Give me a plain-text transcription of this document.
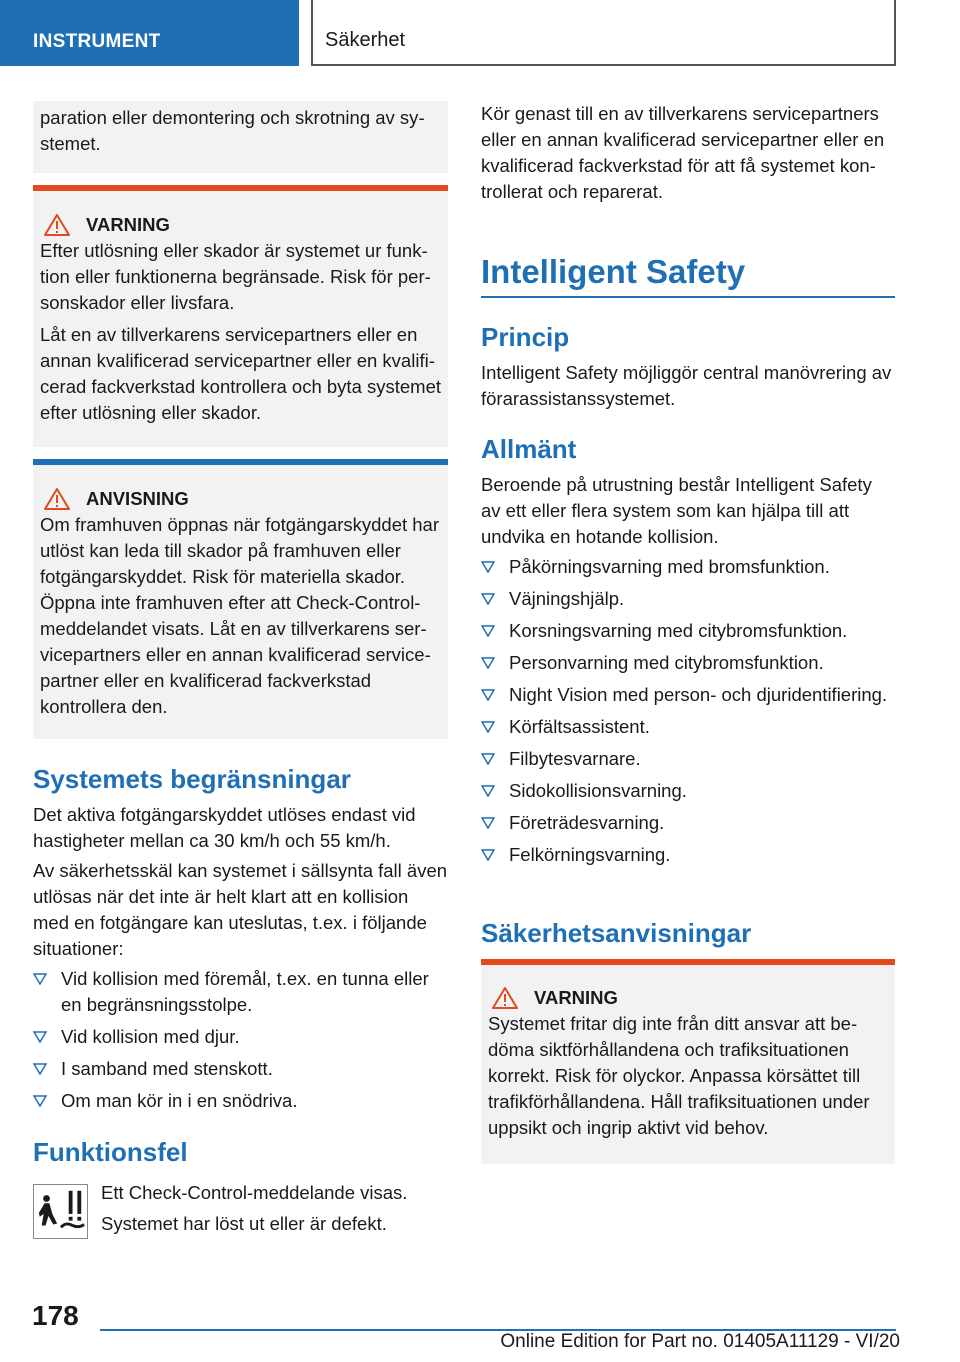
INSTRUMENT	Säkerhet

paration eller demontering och skrotning av systemet.

VARNING

Efter utlösning eller skador är systemet ur funktion eller funktionerna begränsade. Risk för personskador eller livsfara.

Låt en av tillverkarens servicepartners eller en annan kvalificerad servicepartner eller en kvalificerad fackverkstad kontrollera och byta systemet efter utlösning eller skador.

ANVISNING

Om framhuven öppnas när fotgängarskyddet har utlöst kan leda till skador på framhuven eller fotgängarskyddet. Risk för materiella skador. Öppna inte framhuven efter att Check-Control-meddelandet visats. Låt en av tillverkarens servicepartners eller en annan kvalificerad servicepartner eller en kvalificerad fackverkstad kontrollera den.

Systemets begränsningar

Det aktiva fotgängarskyddet utlöses endast vid hastigheter mellan ca 30 km/h och 55 km/h.

Av säkerhetsskäl kan systemet i sällsynta fall även utlösas när det inte är helt klart att en kollision med en fotgängare kan uteslutas, t.ex. i följande situationer:

Vid kollision med föremål, t.ex. en tunna eller en begränsningsstolpe.
Vid kollision med djur.
I samband med stenskott.
Om man kör in i en snödriva.
Funktionsfel

Ett Check-Control-meddelande visas.

Systemet har löst ut eller är defekt.

Kör genast till en av tillverkarens servicepartners eller en annan kvalificerad servicepartner eller en kvalificerad fackverkstad för att få systemet kontrollerat och reparerat.

Intelligent Safety
Princip

Intelligent Safety möjliggör central manövrering av förarassistanssystemet.

Allmänt

Beroende på utrustning består Intelligent Safety av ett eller flera system som kan hjälpa till att undvika en hotande kollision.

Påkörningsvarning med bromsfunktion.
Väjningshjälp.
Korsningsvarning med citybromsfunktion.
Personvarning med citybromsfunktion.
Night Vision med person- och djuridentifiering.
Körfältsassistent.
Filbytesvarnare.
Sidokollisionsvarning.
Företrädesvarning.
Felkörningsvarning.
Säkerhetsanvisningar
VARNING

Systemet fritar dig inte från ditt ansvar att bedöma siktförhållandena och trafiksituationen korrekt. Risk för olyckor. Anpassa körsättet till trafikförhållandena. Håll trafiksituationen under uppsikt och ingrip aktivt vid behov.

178
Online Edition for Part no. 01405A11129 - VI/20
